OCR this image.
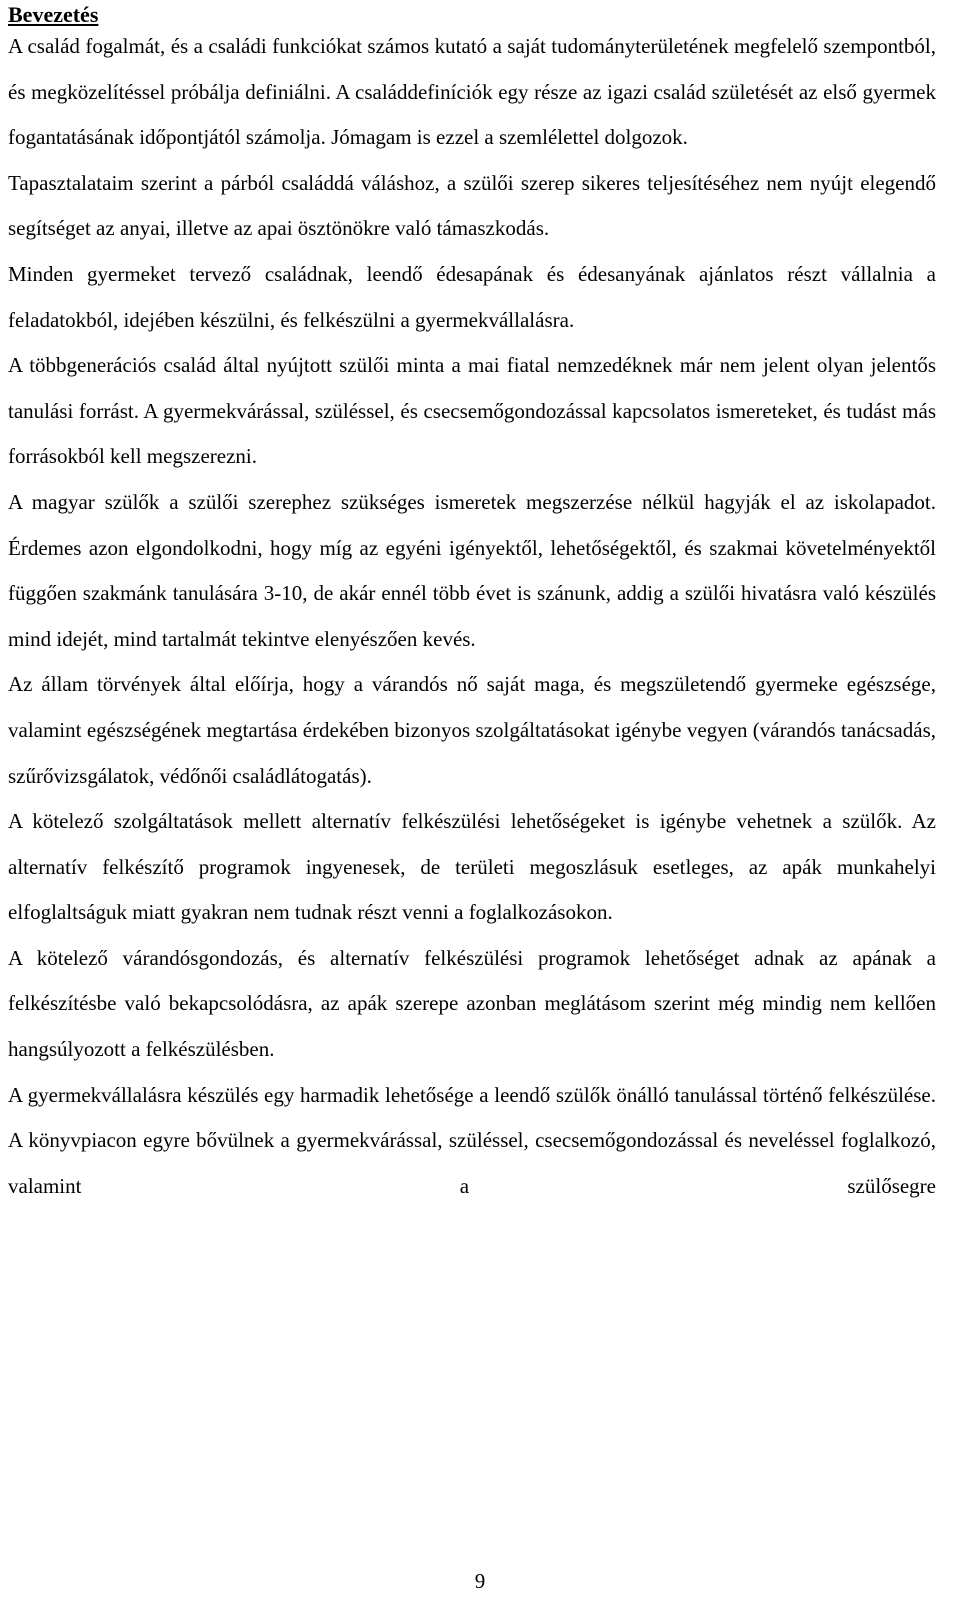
Bevezetés

A család fogalmát, és a családi funkciókat számos kutató a saját tudományterületének megfelelő szempontból, és megközelítéssel próbálja definiálni. A családdefiníciók egy része az igazi család születését az első gyermek fogantatásának időpontjától számolja. Jómagam is ezzel a szemlélettel dolgozok.

Tapasztalataim szerint a párból családdá váláshoz, a szülői szerep sikeres teljesítéséhez nem nyújt elegendő segítséget az anyai, illetve az apai ösztönökre való támaszkodás.

Minden gyermeket tervező családnak, leendő édesapának és édesanyának ajánlatos részt vállalnia a feladatokból, idejében készülni, és felkészülni a gyermekvállalásra.

A többgenerációs család által nyújtott szülői minta a mai fiatal nemzedéknek már nem jelent olyan jelentős tanulási forrást. A gyermekvárással, szüléssel, és csecsemőgondozással kapcsolatos ismereteket, és tudást más forrásokból kell megszerezni.

A magyar szülők a szülői szerephez szükséges ismeretek megszerzése nélkül hagyják el az iskolapadot. Érdemes azon elgondolkodni, hogy míg az egyéni igényektől, lehetőségektől, és szakmai követelményektől függően szakmánk tanulására 3-10, de akár ennél több évet is szánunk, addig a szülői hivatásra való készülés mind idejét, mind tartalmát tekintve elenyészően kevés.

Az állam törvények által előírja, hogy a várandós nő saját maga, és megszületendő gyermeke egészsége, valamint egészségének megtartása érdekében bizonyos szolgáltatásokat igénybe vegyen (várandós tanácsadás, szűrővizsgálatok, védőnői családlátogatás).

A kötelező szolgáltatások mellett alternatív felkészülési lehetőségeket is igénybe vehetnek a szülők. Az alternatív felkészítő programok ingyenesek, de területi megoszlásuk esetleges, az apák munkahelyi elfoglaltságuk miatt gyakran nem tudnak részt venni a foglalkozásokon.

A kötelező várandósgondozás, és alternatív felkészülési programok lehetőséget adnak az apának a felkészítésbe való bekapcsolódásra, az apák szerepe azonban meglátásom szerint még mindig nem kellően hangsúlyozott a felkészülésben.

A gyermekvállalásra készülés egy harmadik lehetősége a leendő szülők önálló tanulással történő felkészülése. A könyvpiacon egyre bővülnek a gyermekvárással, szüléssel, csecsemőgondozással és neveléssel foglalkozó, valamint a szülősegre

9
